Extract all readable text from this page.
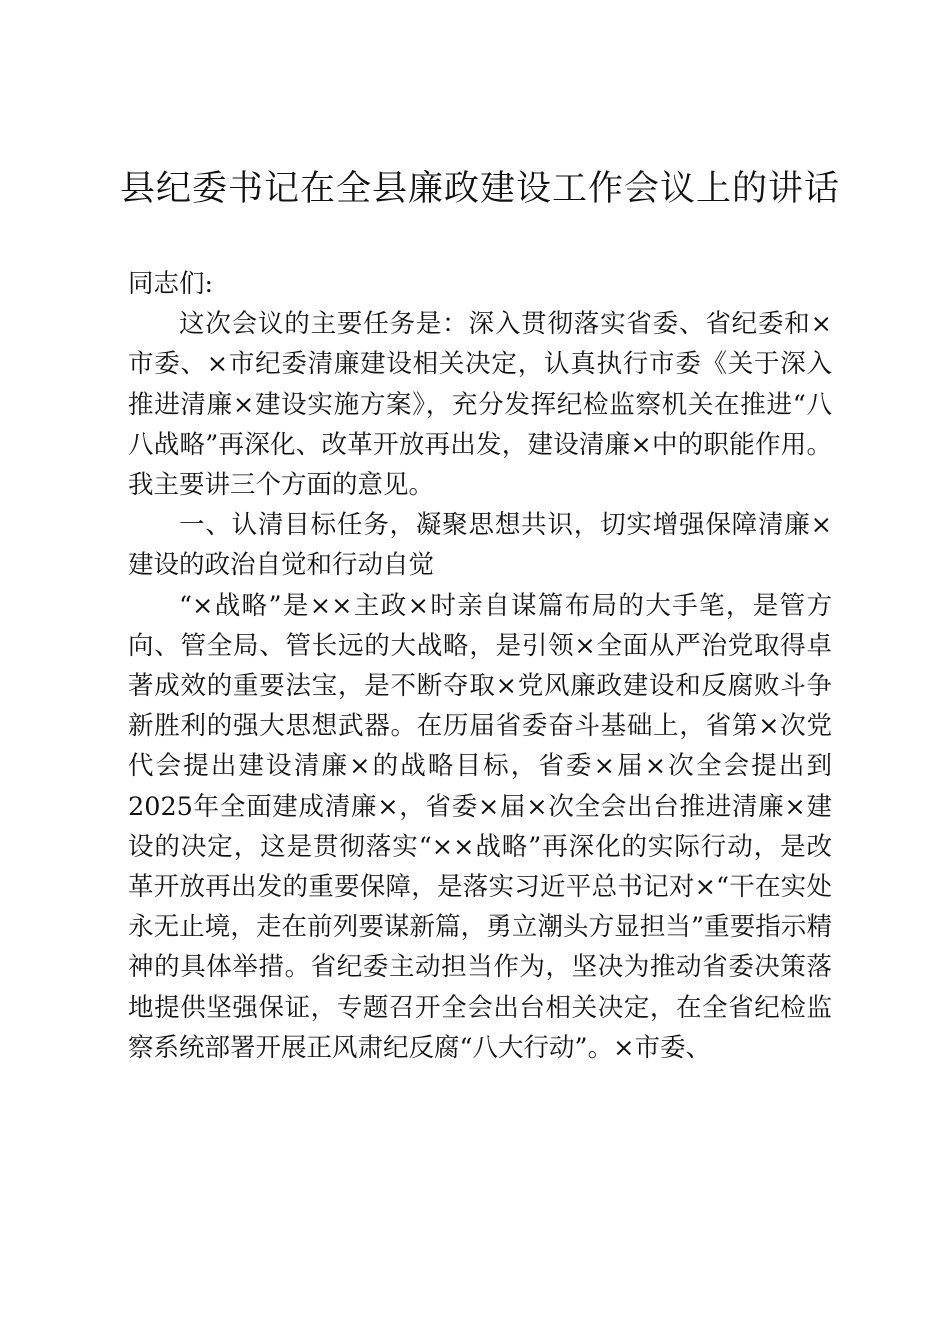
县纪委书记在全县廉政建设工作会议上的讲话

同志们:

这次会议的主要任务是：深入贯彻落实省委、省纪委和×市委、×市纪委清廉建设相关决定，认真执行市委《关于深入推进清廉×建设实施方案》，充分发挥纪检监察机关在推进“八八战略”再深化、改革开放再出发，建设清廉×中的职能作用。我主要讲三个方面的意见。

一、认清目标任务，凝聚思想共识，切实增强保障清廉×建设的政治自觉和行动自觉

“×战略”是××主政×时亲自谋篇布局的大手笔，是管方向、管全局、管长远的大战略，是引领×全面从严治党取得卓著成效的重要法宝，是不断夺取×党风廉政建设和反腐败斗争新胜利的强大思想武器。在历届省委奋斗基础上，省第×次党代会提出建设清廉×的战略目标，省委×届×次全会提出到2025年全面建成清廉×，省委×届×次全会出台推进清廉×建设的决定，这是贯彻落实“××战略”再深化的实际行动，是改革开放再出发的重要保障，是落实习近平总书记对×“干在实处永无止境，走在前列要谋新篇，勇立潮头方显担当”重要指示精神的具体举措。省纪委主动担当作为，坚决为推动省委决策落地提供坚强保证，专题召开全会出台相关决定，在全省纪检监察系统部署开展正风肃纪反腐“八大行动”。×市委、
